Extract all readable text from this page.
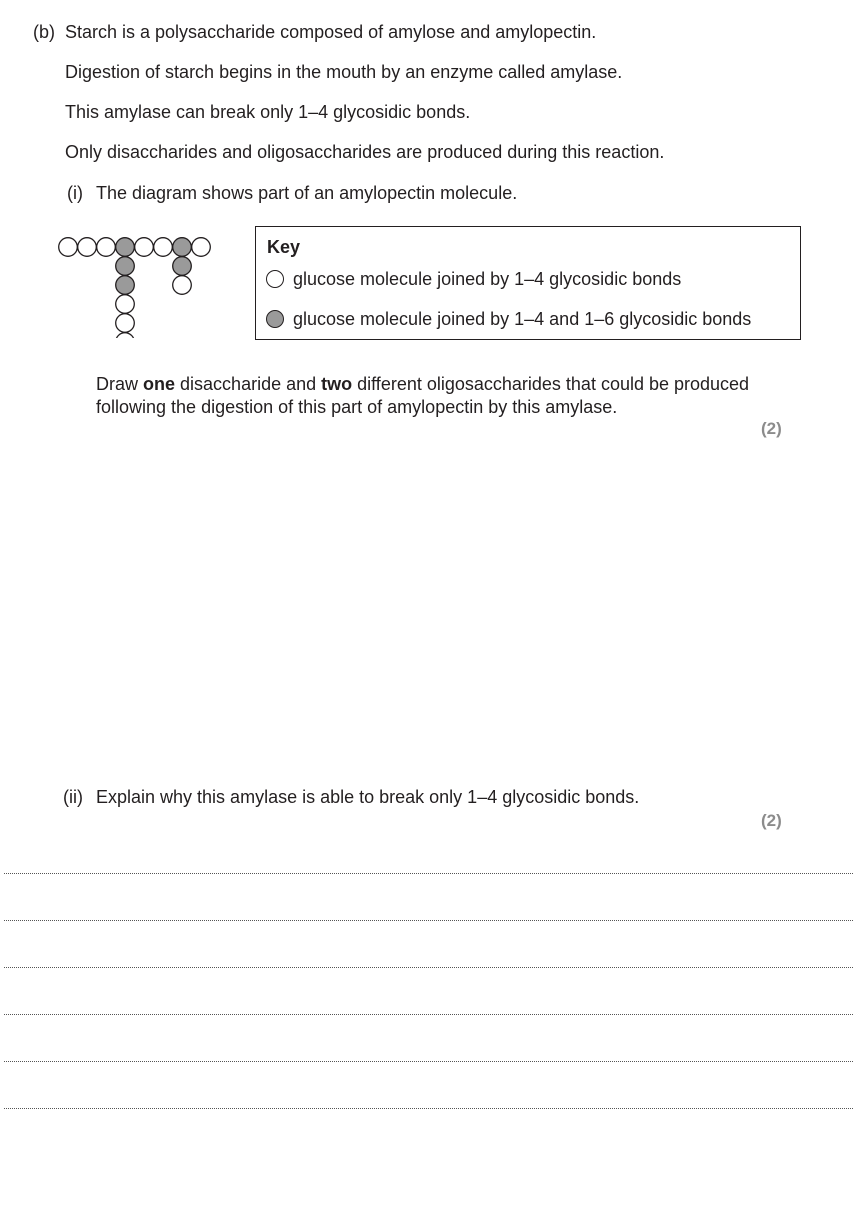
(b) Starch is a polysaccharide composed of amylose and amylopectin.
Digestion of starch begins in the mouth by an enzyme called amylase.
This amylase can break only 1–4 glycosidic bonds.
Only disaccharides and oligosaccharides are produced during this reaction.
(i) The diagram shows part of an amylopectin molecule.
Key
glucose molecule joined by 1–4 glycosidic bonds
glucose molecule joined by 1–4 and 1–6 glycosidic bonds
Draw one disaccharide and two different oligosaccharides that could be produced following the digestion of this part of amylopectin by this amylase.
(2)
(ii) Explain why this amylase is able to break only 1–4 glycosidic bonds.
(2)
